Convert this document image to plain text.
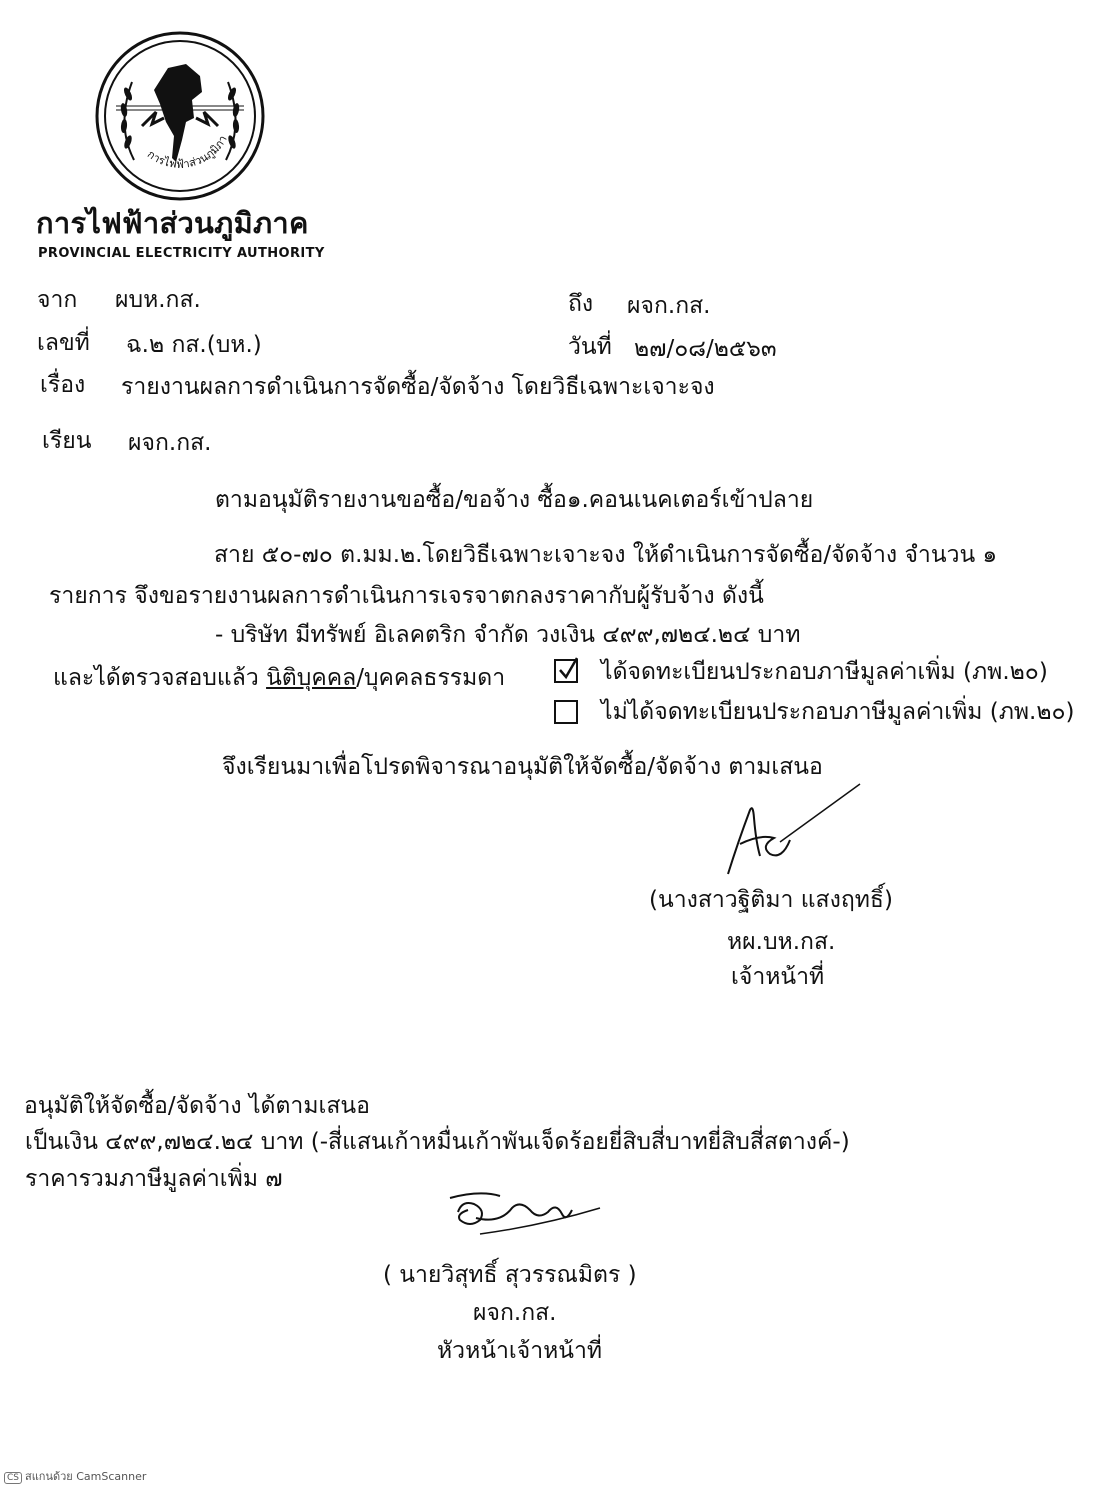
การไฟฟ้าส่วนภูมิภา
การไฟฟ้าส่วนภูมิภาค
PROVINCIAL ELECTRICITY AUTHORITY
จาก ผบห.กส.	ถึง ผจก.กส.
เลขที่ ฉ.๒ กส.(บห.)	วันที่ ๒๗/๐๘/๒๕๖๓
เรื่อง รายงานผลการดำเนินการจัดซื้อ/จัดจ้าง โดยวิธีเฉพาะเจาะจง
เรียน ผจก.กส.
ตามอนุมัติรายงานขอซื้อ/ขอจ้าง ซื้อ๑.คอนเนคเตอร์เข้าปลาย
สาย ๕๐-๗๐ ต.มม.๒.โดยวิธีเฉพาะเจาะจง ให้ดำเนินการจัดซื้อ/จัดจ้าง จำนวน ๑
รายการ จึงขอรายงานผลการดำเนินการเจรจาตกลงราคากับผู้รับจ้าง ดังนี้
- บริษัท มีทรัพย์ อิเลคตริก จำกัด วงเงิน ๔๙๙,๗๒๔.๒๔ บาท
และได้ตรวจสอบแล้ว นิติบุคคล/บุคคลธรรมดา	ได้จดทะเบียนประกอบภาษีมูลค่าเพิ่ม (ภพ.๒๐)
ไม่ได้จดทะเบียนประกอบภาษีมูลค่าเพิ่ม (ภพ.๒๐)
จึงเรียนมาเพื่อโปรดพิจารณาอนุมัติให้จัดซื้อ/จัดจ้าง ตามเสนอ
(นางสาวฐิติมา แสงฤทธิ์)
หผ.บห.กส.
เจ้าหน้าที่
อนุมัติให้จัดซื้อ/จัดจ้าง ได้ตามเสนอ
เป็นเงิน ๔๙๙,๗๒๔.๒๔ บาท (-สี่แสนเก้าหมื่นเก้าพันเจ็ดร้อยยี่สิบสี่บาทยี่สิบสี่สตางค์-)
ราคารวมภาษีมูลค่าเพิ่ม ๗
( นายวิสุทธิ์ สุวรรณมิตร )
ผจก.กส.
หัวหน้าเจ้าหน้าที่
CS สแกนด้วย CamScanner
